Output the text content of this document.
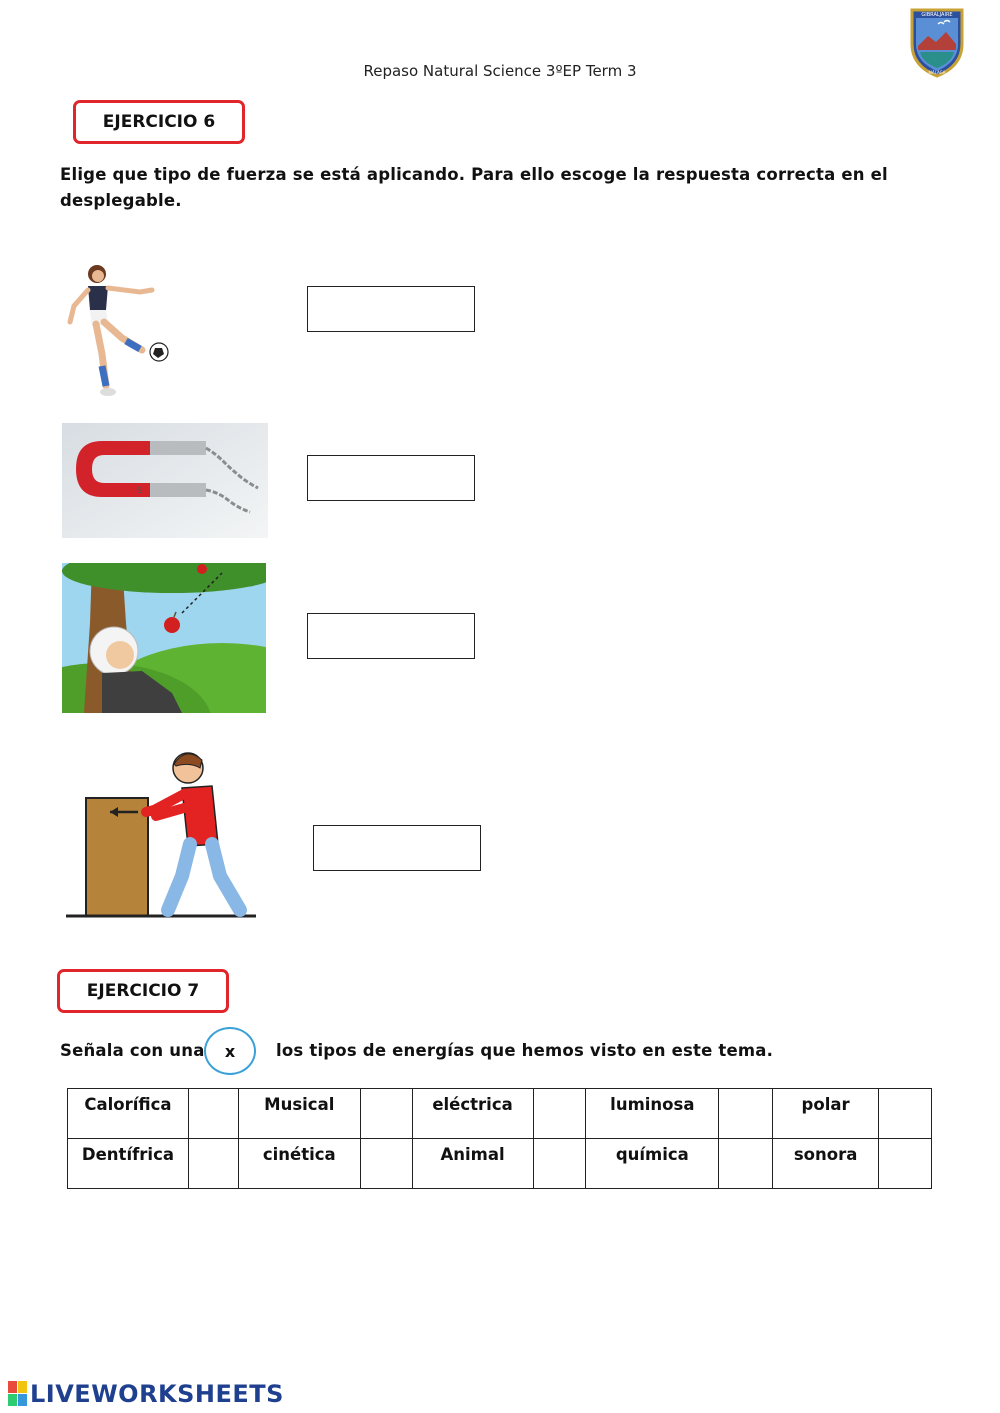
Repaso Natural Science 3ºEP Term 3
GIBRALJAIRE
MÁLAGA
EJERCICIO 6
Elige que tipo de fuerza se está aplicando. Para ello escoge la respuesta correcta en el
desplegable.
S
EJERCICIO 7
Señala con una	x	los tipos de energías que hemos visto en este tema.
Calorífica		Musical		eléctrica		luminosa		polar	
Dentífrica		cinética		Animal		química		sonora	
LIVEWORKSHEETS
